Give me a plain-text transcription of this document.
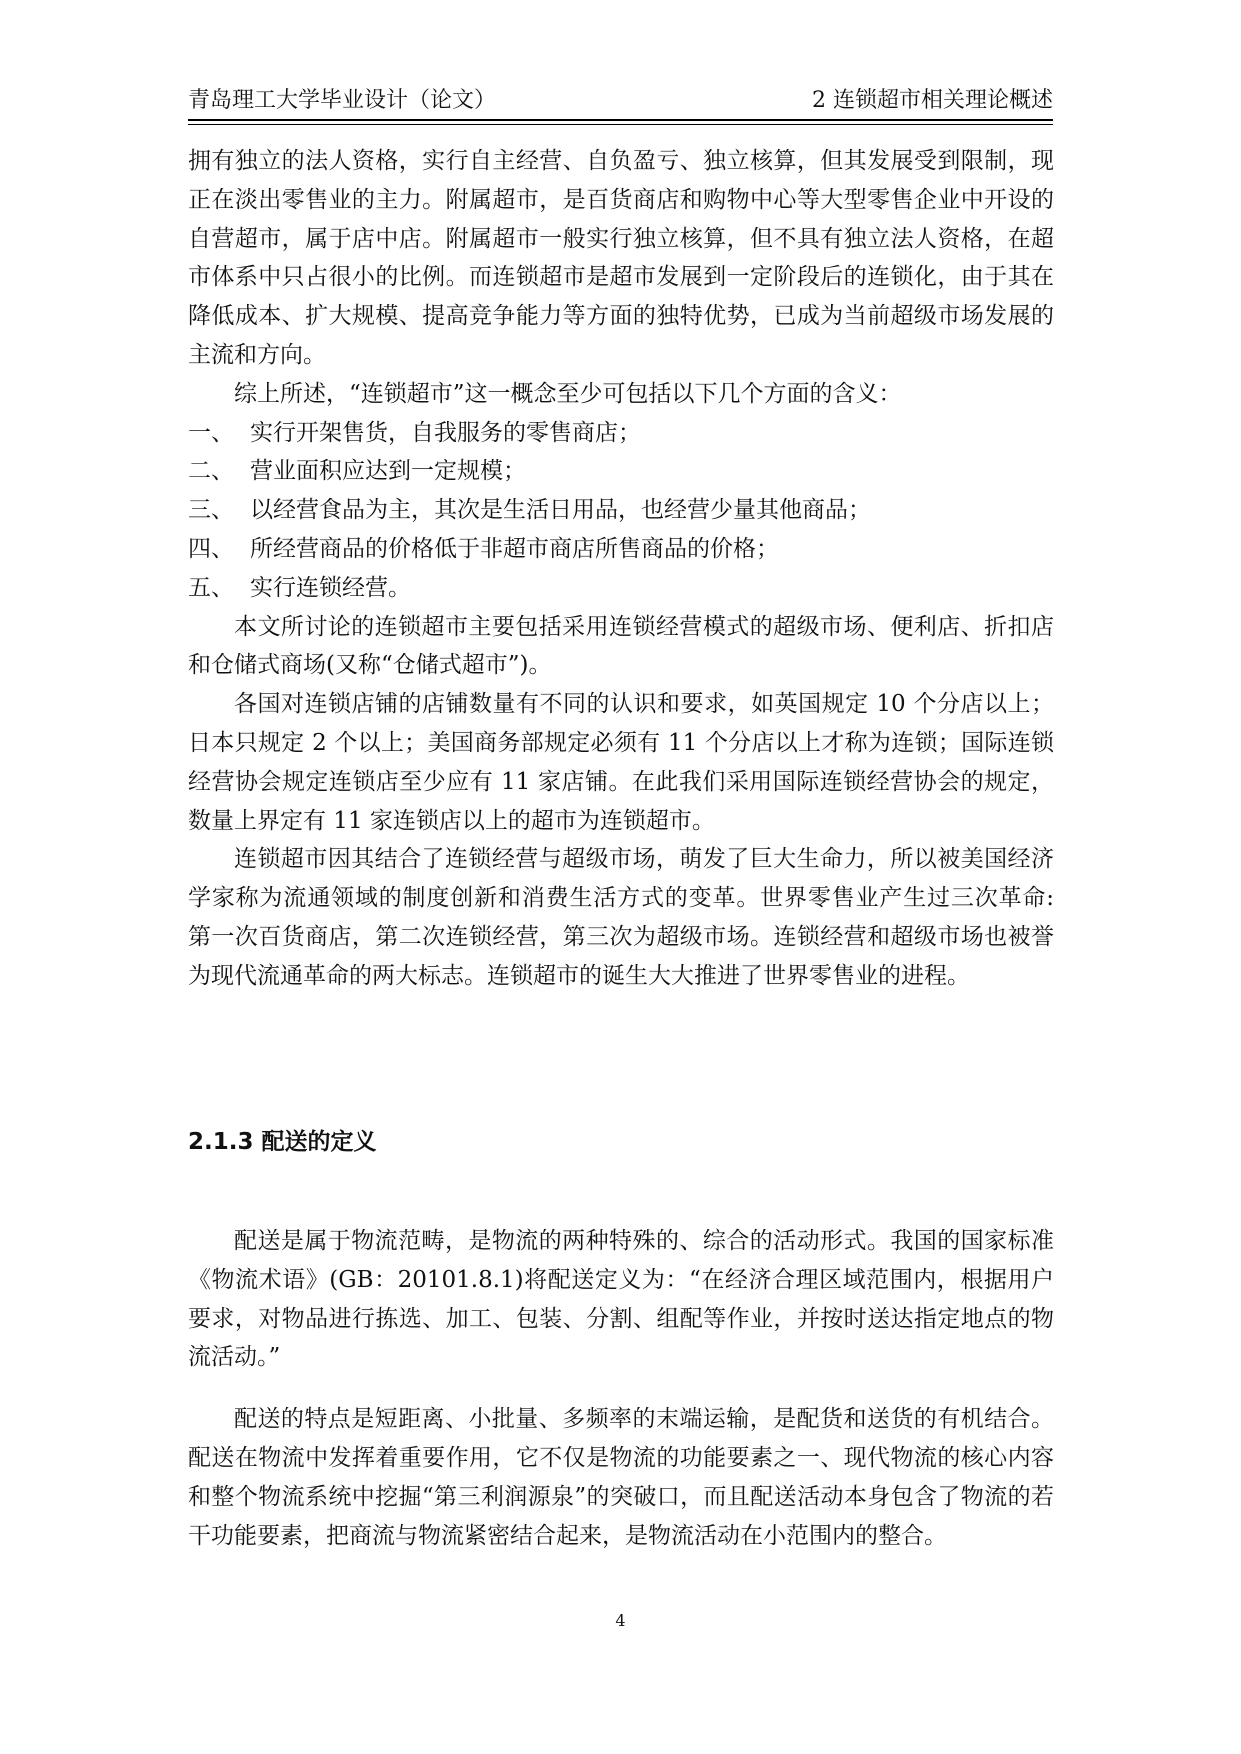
青岛理工大学毕业设计（论文）	2 连锁超市相关理论概述

拥有独立的法人资格，实行自主经营、自负盈亏、独立核算，但其发展受到限制，现正在淡出零售业的主力。附属超市，是百货商店和购物中心等大型零售企业中开设的自营超市，属于店中店。附属超市一般实行独立核算，但不具有独立法人资格，在超市体系中只占很小的比例。而连锁超市是超市发展到一定阶段后的连锁化，由于其在降低成本、扩大规模、提高竞争能力等方面的独特优势，已成为当前超级市场发展的主流和方向。

综上所述，“连锁超市”这一概念至少可包括以下几个方面的含义：

一、 实行开架售货，自我服务的零售商店；
二、 营业面积应达到一定规模；
三、 以经营食品为主，其次是生活日用品，也经营少量其他商品；
四、 所经营商品的价格低于非超市商店所售商品的价格；
五、 实行连锁经营。

本文所讨论的连锁超市主要包括采用连锁经营模式的超级市场、便利店、折扣店和仓储式商场(又称“仓储式超市”)。

各国对连锁店铺的店铺数量有不同的认识和要求，如英国规定 10 个分店以上；日本只规定 2 个以上；美国商务部规定必须有 11 个分店以上才称为连锁；国际连锁经营协会规定连锁店至少应有 11 家店铺。在此我们采用国际连锁经营协会的规定，数量上界定有 11 家连锁店以上的超市为连锁超市。

连锁超市因其结合了连锁经营与超级市场，萌发了巨大生命力，所以被美国经济学家称为流通领域的制度创新和消费生活方式的变革。世界零售业产生过三次革命: 第一次百货商店，第二次连锁经营，第三次为超级市场。连锁经营和超级市场也被誉为现代流通革命的两大标志。连锁超市的诞生大大推进了世界零售业的进程。

2.1.3 配送的定义

配送是属于物流范畴，是物流的两种特殊的、综合的活动形式。我国的国家标准《物流术语》(GB：20101.8.1)将配送定义为：“在经济合理区域范围内，根据用户要求，对物品进行拣选、加工、包装、分割、组配等作业，并按时送达指定地点的物流活动。”

配送的特点是短距离、小批量、多频率的末端运输，是配货和送货的有机结合。配送在物流中发挥着重要作用，它不仅是物流的功能要素之一、现代物流的核心内容和整个物流系统中挖掘“第三利润源泉”的突破口，而且配送活动本身包含了物流的若干功能要素，把商流与物流紧密结合起来，是物流活动在小范围内的整合。

4
